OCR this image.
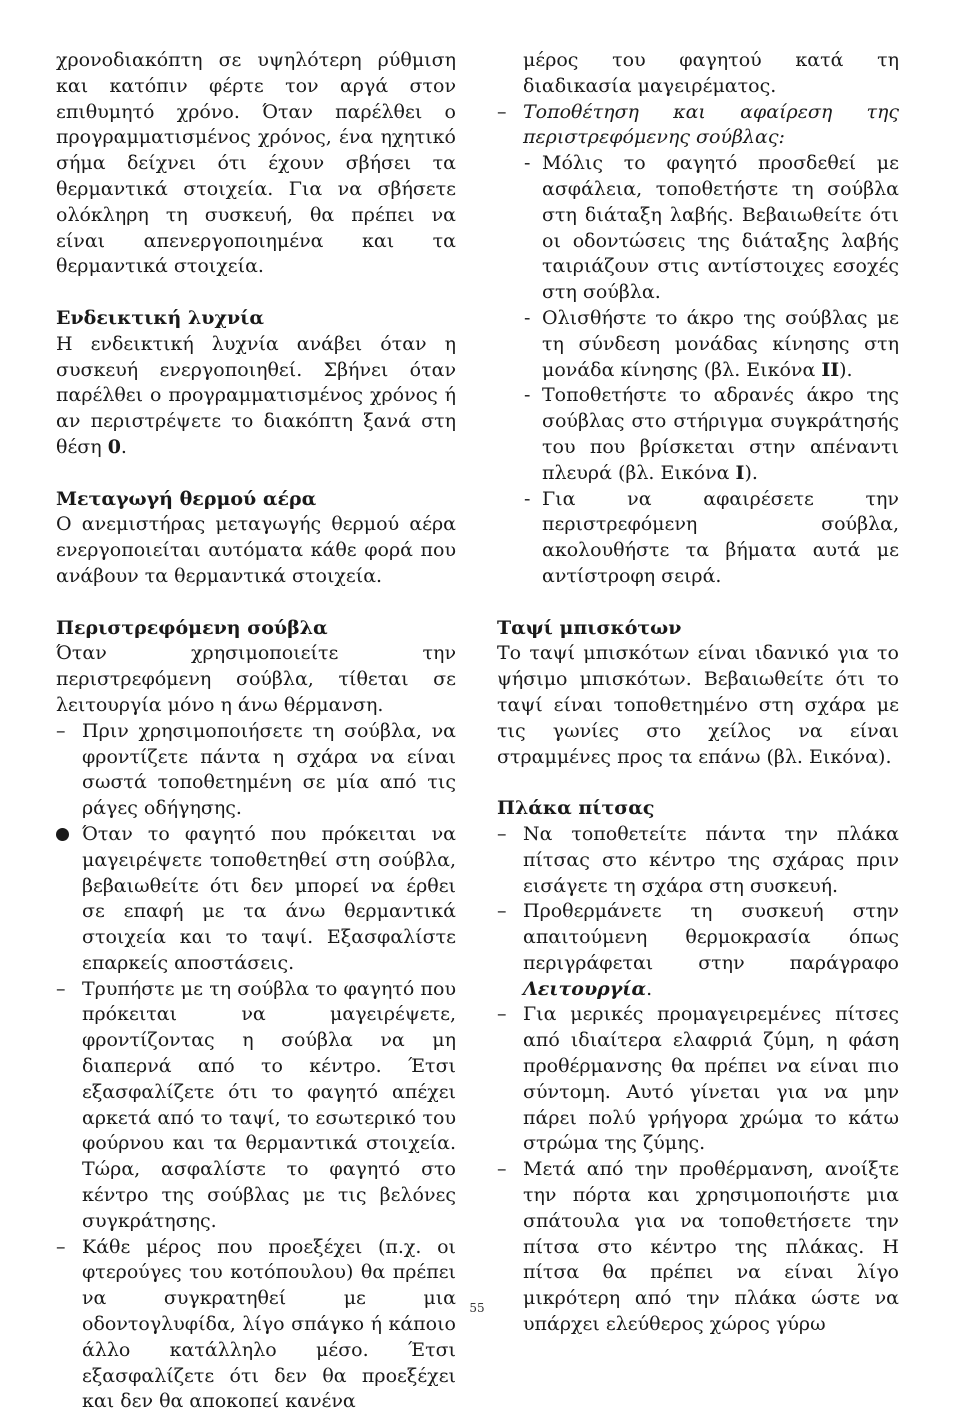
χρονοδιακόπτη σε υψηλότερη ρύθμιση και κατόπιν φέρτε τον αργά στον επιθυμητό χρόνο. Όταν παρέλθει ο προγραμματισμένος χρόνος, ένα ηχητικό σήμα δείχνει ότι έχουν σβήσει τα θερμαντικά στοιχεία. Για να σβήσετε ολόκληρη τη συσκευή, θα πρέπει να είναι απενεργοποιημένα και τα θερμαντικά στοιχεία.

Ενδεικτική λυχνία

Η ενδεικτική λυχνία ανάβει όταν η συσκευή ενεργοποιηθεί. Σβήνει όταν παρέλθει ο προγραμματισμένος χρόνος ή αν περιστρέψετε το διακόπτη ξανά στη θέση 0.

Μεταγωγή θερμού αέρα

Ο ανεμιστήρας μεταγωγής θερμού αέρα ενεργοποιείται αυτόματα κάθε φορά που ανάβουν τα θερμαντικά στοιχεία.

Περιστρεφόμενη σούβλα

Όταν χρησιμοποιείτε την περιστρεφόμενη σούβλα, τίθεται σε λειτουργία μόνο η άνω θέρμανση.

– Πριν χρησιμοποιήσετε τη σούβλα, να φροντίζετε πάντα η σχάρα να είναι σωστά τοποθετημένη σε μία από τις ράγες οδήγησης.
Όταν το φαγητό που πρόκειται να μαγειρέψετε τοποθετηθεί στη σούβλα, βεβαιωθείτε ότι δεν μπορεί να έρθει σε επαφή με τα άνω θερμαντικά στοιχεία και το ταψί. Εξασφαλίστε επαρκείς αποστάσεις.
– Τρυπήστε με τη σούβλα το φαγητό που πρόκειται να μαγειρέψετε, φροντίζοντας η σούβλα να μη διαπερνά από το κέντρο. Έτσι εξασφαλίζετε ότι το φαγητό απέχει αρκετά από το ταψί, το εσωτερικό του φούρνου και τα θερμαντικά στοιχεία. Τώρα, ασφαλίστε το φαγητό στο κέντρο της σούβλας με τις βελόνες συγκράτησης.
– Κάθε μέρος που προεξέχει (π.χ. οι φτερούγες του κοτόπουλου) θα πρέπει να συγκρατηθεί με μια οδοντογλυφίδα, λίγο σπάγκο ή κάποιο άλλο κατάλληλο μέσο. Έτσι εξασφαλίζετε ότι δεν θα προεξέχει και δεν θα αποκοπεί κανένα

μέρος του φαγητού κατά τη διαδικασία μαγειρέματος.

– Τοποθέτηση και αφαίρεση της περιστρεφόμενης σούβλας:
- Μόλις το φαγητό προσδεθεί με ασφάλεια, τοποθετήστε τη σούβλα στη διάταξη λαβής. Βεβαιωθείτε ότι οι οδοντώσεις της διάταξης λαβής ταιριάζουν στις αντίστοιχες εσοχές στη σούβλα.
- Ολισθήστε το άκρο της σούβλας με τη σύνδεση μονάδας κίνησης στη μονάδα κίνησης (βλ. Εικόνα II).
- Τοποθετήστε το αδρανές άκρο της σούβλας στο στήριγμα συγκράτησής του που βρίσκεται στην απέναντι πλευρά (βλ. Εικόνα I).
- Για να αφαιρέσετε την περιστρεφόμενη σούβλα, ακολουθήστε τα βήματα αυτά με αντίστροφη σειρά.
Ταψί μπισκότων

Το ταψί μπισκότων είναι ιδανικό για το ψήσιμο μπισκότων. Βεβαιωθείτε ότι το ταψί είναι τοποθετημένο στη σχάρα με τις γωνίες στο χείλος να είναι στραμμένες προς τα επάνω (βλ. Εικόνα).

Πλάκα πίτσας
– Να τοποθετείτε πάντα την πλάκα πίτσας στο κέντρο της σχάρας πριν εισάγετε τη σχάρα στη συσκευή.
– Προθερμάνετε τη συσκευή στην απαιτούμενη θερμοκρασία όπως περιγράφεται στην παράγραφο Λειτουργία.
– Για μερικές προμαγειρεμένες πίτσες από ιδιαίτερα ελαφριά ζύμη, η φάση προθέρμανσης θα πρέπει να είναι πιο σύντομη. Αυτό γίνεται για να μην πάρει πολύ γρήγορα χρώμα το κάτω στρώμα της ζύμης.
– Μετά από την προθέρμανση, ανοίξτε την πόρτα και χρησιμοποιήστε μια σπάτουλα για να τοποθετήσετε την πίτσα στο κέντρο της πλάκας. Η πίτσα θα πρέπει να είναι λίγο μικρότερη από την πλάκα ώστε να υπάρχει ελεύθερος χώρος γύρω
55
